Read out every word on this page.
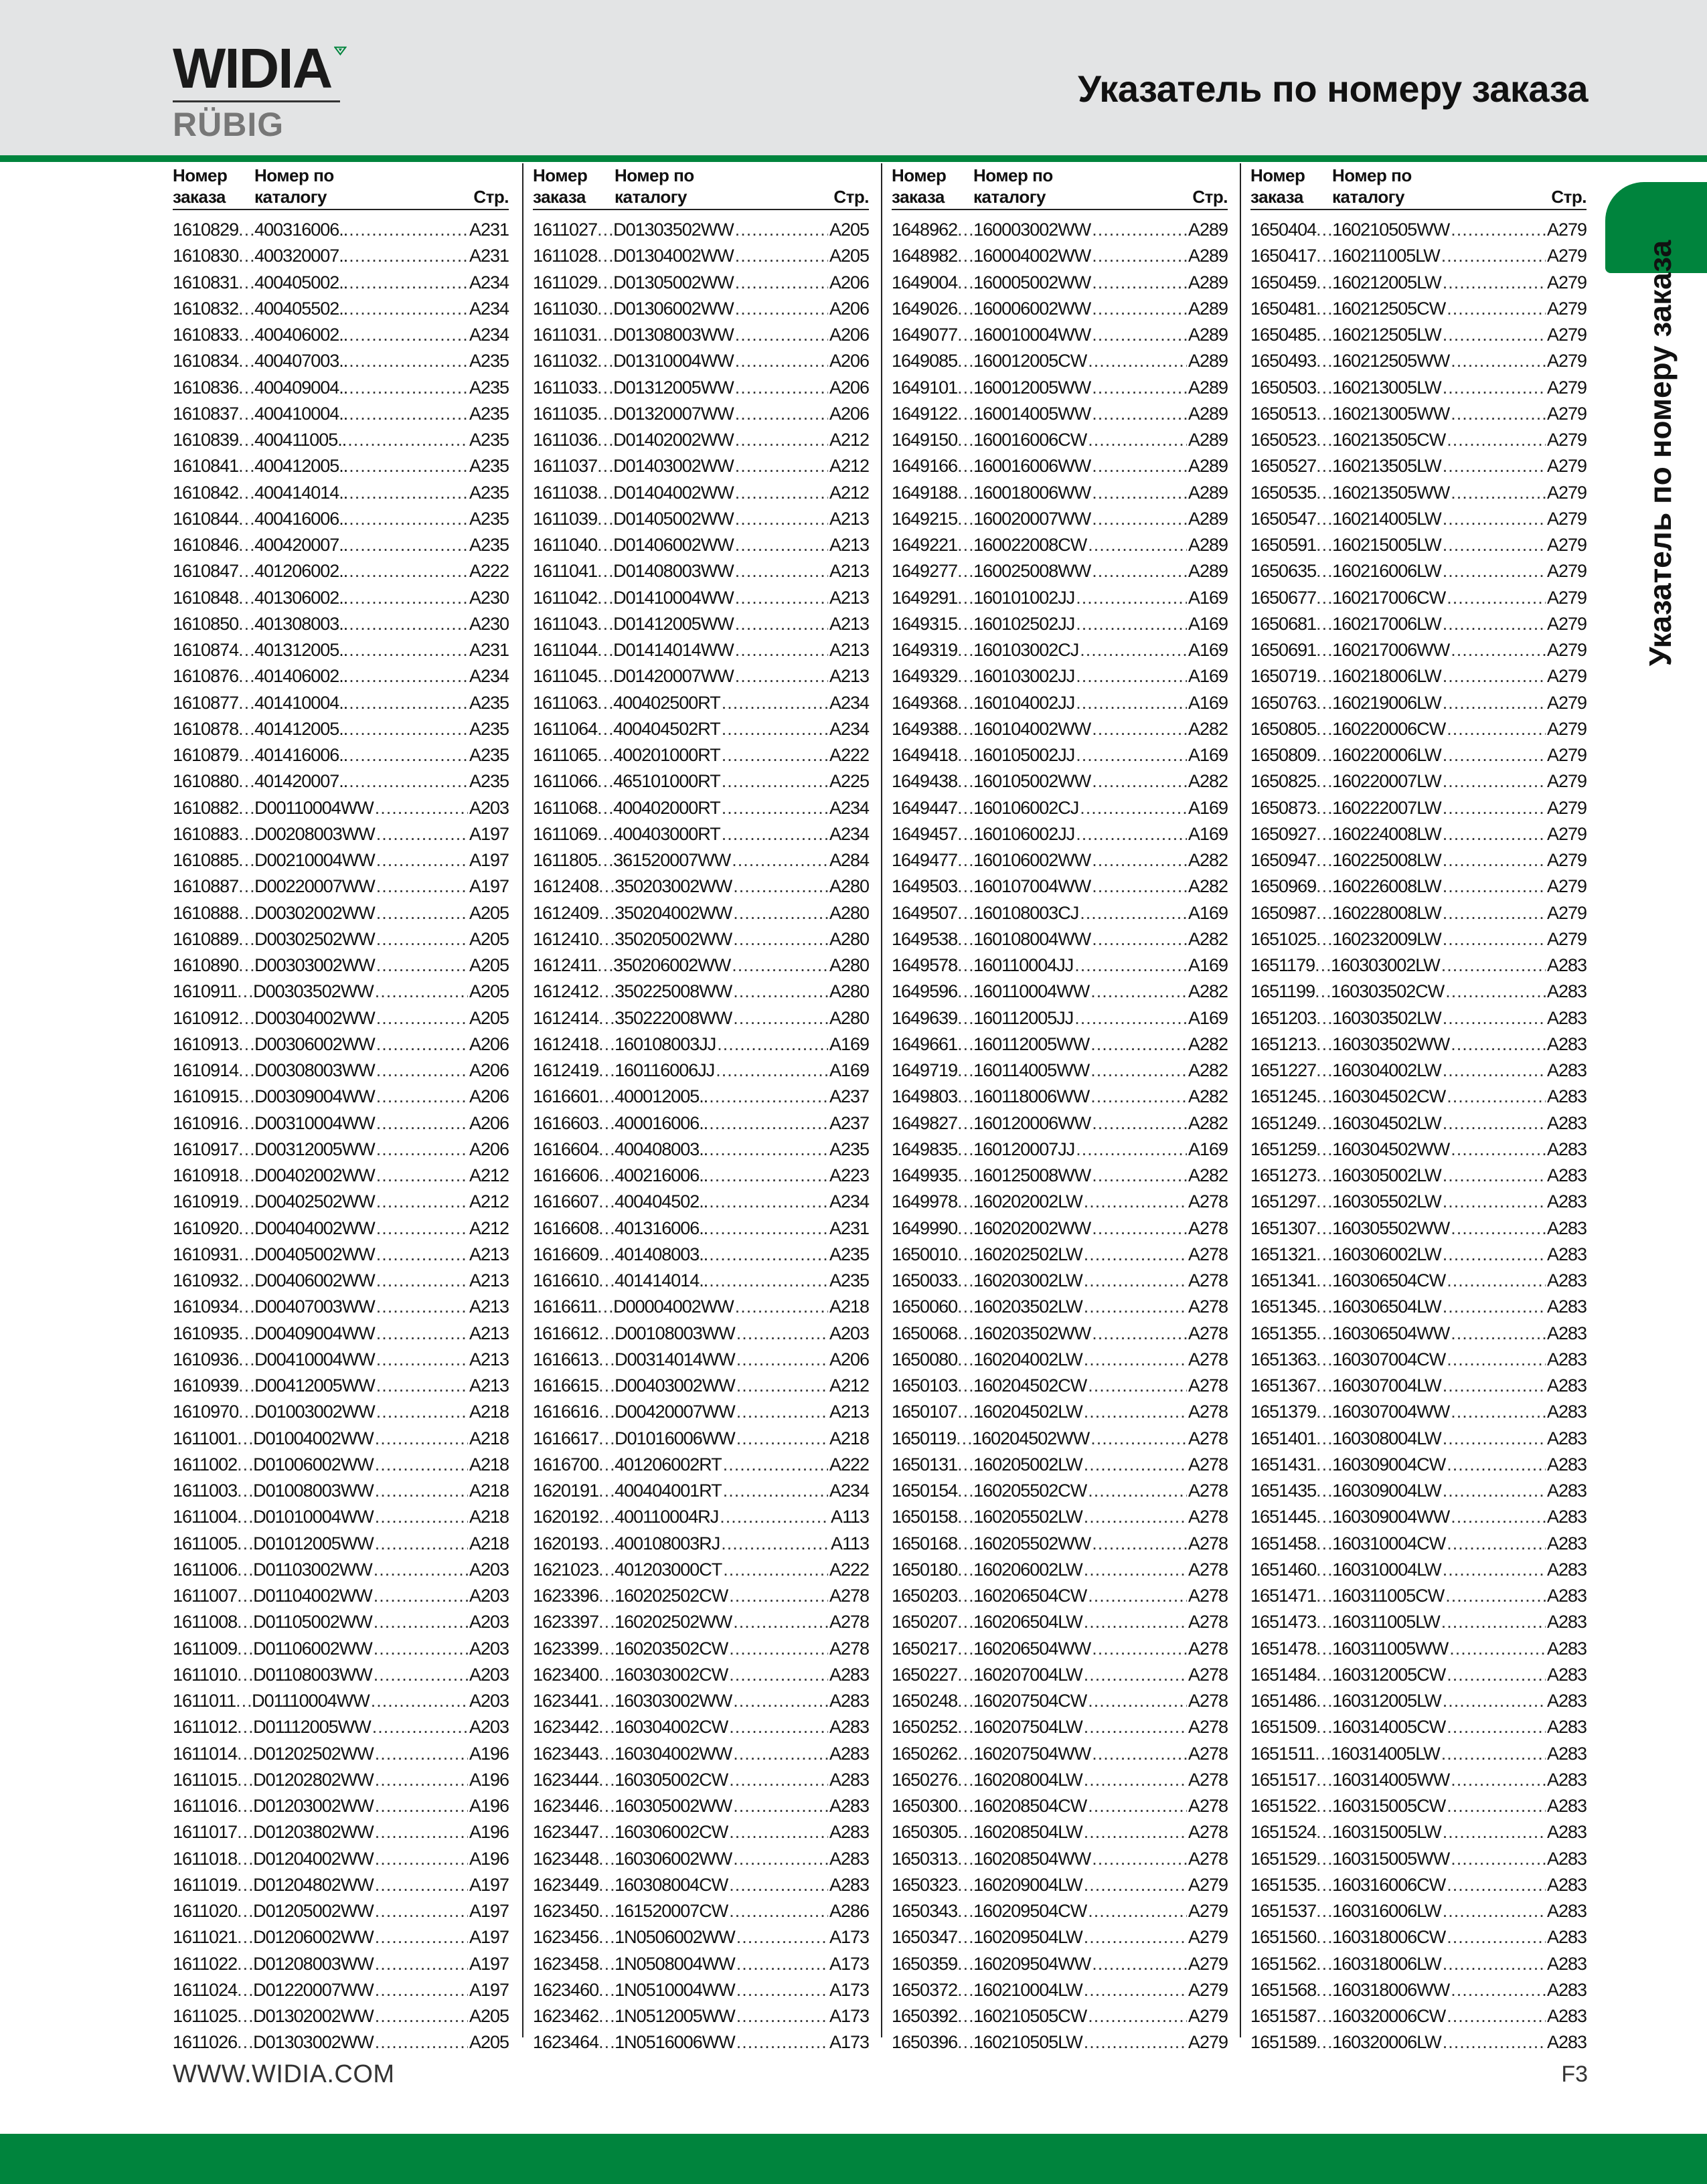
WIDIA
RÜBIG
Указатель по номеру заказа
Указатель по номеру заказа
Номер
заказа
Номер по
каталогу	Стр.
1610829
..... 400316006..
.....	A231
1610830
..... 400320007..
.....	A231
1610831
..... 400405002..
.....	A234
1610832
..... 400405502..
.....	A234
1610833
..... 400406002..
.....	A234
1610834
..... 400407003..
.....	A235
1610836
..... 400409004..
.....	A235
1610837
..... 400410004..
.....	A235
1610839
..... 400411005..
.....	A235
1610841
..... 400412005..
.....	A235
1610842
..... 400414014..
.....	A235
1610844
..... 400416006..
.....	A235
1610846
..... 400420007..
.....	A235
1610847
..... 401206002..
.....	A222
1610848
..... 401306002..
.....	A230
1610850
..... 401308003..
.....	A230
1610874
..... 401312005..
.....	A231
1610876
..... 401406002..
.....	A234
1610877
..... 401410004..
.....	A235
1610878
..... 401412005..
.....	A235
1610879
..... 401416006..
.....	A235
1610880
..... 401420007..
.....	A235
1610882
..... D00110004WW
.....	A203
1610883
..... D00208003WW
.....	A197
1610885
..... D00210004WW
.....	A197
1610887
..... D00220007WW
.....	A197
1610888
..... D00302002WW
.....	A205
1610889
..... D00302502WW
.....	A205
1610890
..... D00303002WW
.....	A205
1610911
..... D00303502WW
.....	A205
1610912
..... D00304002WW
.....	A205
1610913
..... D00306002WW
.....	A206
1610914
..... D00308003WW
.....	A206
1610915
..... D00309004WW
.....	A206
1610916
..... D00310004WW
.....	A206
1610917
..... D00312005WW
.....	A206
1610918
..... D00402002WW
.....	A212
1610919
..... D00402502WW
.....	A212
1610920
..... D00404002WW
.....	A212
1610931
..... D00405002WW
.....	A213
1610932
..... D00406002WW
.....	A213
1610934
..... D00407003WW
.....	A213
1610935
..... D00409004WW
.....	A213
1610936
..... D00410004WW
.....	A213
1610939
..... D00412005WW
.....	A213
1610970
..... D01003002WW
.....	A218
1611001
..... D01004002WW
.....	A218
1611002
..... D01006002WW
.....	A218
1611003
..... D01008003WW
.....	A218
1611004
..... D01010004WW
.....	A218
1611005
..... D01012005WW
.....	A218
1611006
..... D01103002WW
.....	A203
1611007
..... D01104002WW
.....	A203
1611008
..... D01105002WW
.....	A203
1611009
..... D01106002WW
.....	A203
1611010
..... D01108003WW
.....	A203
1611011
..... D01110004WW
.....	A203
1611012
..... D01112005WW
.....	A203
1611014
..... D01202502WW
.....	A196
1611015
..... D01202802WW
.....	A196
1611016
..... D01203002WW
.....	A196
1611017
..... D01203802WW
.....	A196
1611018
..... D01204002WW
.....	A196
1611019
..... D01204802WW
.....	A197
1611020
..... D01205002WW
.....	A197
1611021
..... D01206002WW
.....	A197
1611022
..... D01208003WW
.....	A197
1611024
..... D01220007WW
.....	A197
1611025
..... D01302002WW
.....	A205
1611026
..... D01303002WW
.....	A205
Номер
заказа
Номер по
каталогу	Стр.
1611027
..... D01303502WW
.....	A205
1611028
..... D01304002WW
.....	A205
1611029
..... D01305002WW
.....	A206
1611030
..... D01306002WW
.....	A206
1611031
..... D01308003WW
.....	A206
1611032
..... D01310004WW
.....	A206
1611033
..... D01312005WW
.....	A206
1611035
..... D01320007WW
.....	A206
1611036
..... D01402002WW
.....	A212
1611037
..... D01403002WW
.....	A212
1611038
..... D01404002WW
.....	A212
1611039
..... D01405002WW
.....	A213
1611040
..... D01406002WW
.....	A213
1611041
..... D01408003WW
.....	A213
1611042
..... D01410004WW
.....	A213
1611043
..... D01412005WW
.....	A213
1611044
..... D01414014WW
.....	A213
1611045
..... D01420007WW
.....	A213
1611063
..... 400402500RT
.....	A234
1611064
..... 400404502RT
.....	A234
1611065
..... 400201000RT
.....	A222
1611066
..... 465101000RT
.....	A225
1611068
..... 400402000RT
.....	A234
1611069
..... 400403000RT
.....	A234
1611805
..... 361520007WW
.....	A284
1612408
..... 350203002WW
.....	A280
1612409
..... 350204002WW
.....	A280
1612410
..... 350205002WW
.....	A280
1612411
..... 350206002WW
.....	A280
1612412
..... 350225008WW
.....	A280
1612414
..... 350222008WW
.....	A280
1612418
..... 160108003JJ
.....	A169
1612419
..... 160116006JJ
.....	A169
1616601
..... 400012005..
.....	A237
1616603
..... 400016006..
.....	A237
1616604
..... 400408003..
.....	A235
1616606
..... 400216006..
.....	A223
1616607
..... 400404502..
.....	A234
1616608
..... 401316006..
.....	A231
1616609
..... 401408003..
.....	A235
1616610
..... 401414014..
.....	A235
1616611
..... D00004002WW
.....	A218
1616612
..... D00108003WW
.....	A203
1616613
..... D00314014WW
.....	A206
1616615
..... D00403002WW
.....	A212
1616616
..... D00420007WW
.....	A213
1616617
..... D01016006WW
.....	A218
1616700
..... 401206002RT
.....	A222
1620191
..... 400404001RT
.....	A234
1620192
..... 400110004RJ
.....	A113
1620193
..... 400108003RJ
.....	A113
1621023
..... 401203000CT
.....	A222
1623396
..... 160202502CW
.....	A278
1623397
..... 160202502WW
.....	A278
1623399
..... 160203502CW
.....	A278
1623400
..... 160303002CW
.....	A283
1623441
..... 160303002WW
.....	A283
1623442
..... 160304002CW
.....	A283
1623443
..... 160304002WW
.....	A283
1623444
..... 160305002CW
.....	A283
1623446
..... 160305002WW
.....	A283
1623447
..... 160306002CW
.....	A283
1623448
..... 160306002WW
.....	A283
1623449
..... 160308004CW
.....	A283
1623450
..... 161520007CW
.....	A286
1623456
..... 1N0506002WW
.....	A173
1623458
..... 1N0508004WW
.....	A173
1623460
..... 1N0510004WW
.....	A173
1623462
..... 1N0512005WW
.....	A173
1623464
..... 1N0516006WW
.....	A173
Номер
заказа
Номер по
каталогу	Стр.
1648962
..... 160003002WW
.....	A289
1648982
..... 160004002WW
.....	A289
1649004
..... 160005002WW
.....	A289
1649026
..... 160006002WW
.....	A289
1649077
..... 160010004WW
.....	A289
1649085
..... 160012005CW
.....	A289
1649101
..... 160012005WW
.....	A289
1649122
..... 160014005WW
.....	A289
1649150
..... 160016006CW
.....	A289
1649166
..... 160016006WW
.....	A289
1649188
..... 160018006WW
.....	A289
1649215
..... 160020007WW
.....	A289
1649221
..... 160022008CW
.....	A289
1649277
..... 160025008WW
.....	A289
1649291
..... 160101002JJ
.....	A169
1649315
..... 160102502JJ
.....	A169
1649319
..... 160103002CJ
.....	A169
1649329
..... 160103002JJ
.....	A169
1649368
..... 160104002JJ
.....	A169
1649388
..... 160104002WW
.....	A282
1649418
..... 160105002JJ
.....	A169
1649438
..... 160105002WW
.....	A282
1649447
..... 160106002CJ
.....	A169
1649457
..... 160106002JJ
.....	A169
1649477
..... 160106002WW
.....	A282
1649503
..... 160107004WW
.....	A282
1649507
..... 160108003CJ
.....	A169
1649538
..... 160108004WW
.....	A282
1649578
..... 160110004JJ
.....	A169
1649596
..... 160110004WW
.....	A282
1649639
..... 160112005JJ
.....	A169
1649661
..... 160112005WW
.....	A282
1649719
..... 160114005WW
.....	A282
1649803
..... 160118006WW
.....	A282
1649827
..... 160120006WW
.....	A282
1649835
..... 160120007JJ
.....	A169
1649935
..... 160125008WW
.....	A282
1649978
..... 160202002LW
.....	A278
1649990
..... 160202002WW
.....	A278
1650010
..... 160202502LW
.....	A278
1650033
..... 160203002LW
.....	A278
1650060
..... 160203502LW
.....	A278
1650068
..... 160203502WW
.....	A278
1650080
..... 160204002LW
.....	A278
1650103
..... 160204502CW
.....	A278
1650107
..... 160204502LW
.....	A278
1650119
..... 160204502WW
.....	A278
1650131
..... 160205002LW
.....	A278
1650154
..... 160205502CW
.....	A278
1650158
..... 160205502LW
.....	A278
1650168
..... 160205502WW
.....	A278
1650180
..... 160206002LW
.....	A278
1650203
..... 160206504CW
.....	A278
1650207
..... 160206504LW
.....	A278
1650217
..... 160206504WW
.....	A278
1650227
..... 160207004LW
.....	A278
1650248
..... 160207504CW
.....	A278
1650252
..... 160207504LW
.....	A278
1650262
..... 160207504WW
.....	A278
1650276
..... 160208004LW
.....	A278
1650300
..... 160208504CW
.....	A278
1650305
..... 160208504LW
.....	A278
1650313
..... 160208504WW
.....	A278
1650323
..... 160209004LW
.....	A279
1650343
..... 160209504CW
.....	A279
1650347
..... 160209504LW
.....	A279
1650359
..... 160209504WW
.....	A279
1650372
..... 160210004LW
.....	A279
1650392
..... 160210505CW
.....	A279
1650396
..... 160210505LW
.....	A279
Номер
заказа
Номер по
каталогу	Стр.
1650404
..... 160210505WW
.....	A279
1650417
..... 160211005LW
.....	A279
1650459
..... 160212005LW
.....	A279
1650481
..... 160212505CW
.....	A279
1650485
..... 160212505LW
.....	A279
1650493
..... 160212505WW
.....	A279
1650503
..... 160213005LW
.....	A279
1650513
..... 160213005WW
.....	A279
1650523
..... 160213505CW
.....	A279
1650527
..... 160213505LW
.....	A279
1650535
..... 160213505WW
.....	A279
1650547
..... 160214005LW
.....	A279
1650591
..... 160215005LW
.....	A279
1650635
..... 160216006LW
.....	A279
1650677
..... 160217006CW
.....	A279
1650681
..... 160217006LW
.....	A279
1650691
..... 160217006WW
.....	A279
1650719
..... 160218006LW
.....	A279
1650763
..... 160219006LW
.....	A279
1650805
..... 160220006CW
.....	A279
1650809
..... 160220006LW
.....	A279
1650825
..... 160220007LW
.....	A279
1650873
..... 160222007LW
.....	A279
1650927
..... 160224008LW
.....	A279
1650947
..... 160225008LW
.....	A279
1650969
..... 160226008LW
.....	A279
1650987
..... 160228008LW
.....	A279
1651025
..... 160232009LW
.....	A279
1651179
..... 160303002LW
.....	A283
1651199
..... 160303502CW
.....	A283
1651203
..... 160303502LW
.....	A283
1651213
..... 160303502WW
.....	A283
1651227
..... 160304002LW
.....	A283
1651245
..... 160304502CW
.....	A283
1651249
..... 160304502LW
.....	A283
1651259
..... 160304502WW
.....	A283
1651273
..... 160305002LW
.....	A283
1651297
..... 160305502LW
.....	A283
1651307
..... 160305502WW
.....	A283
1651321
..... 160306002LW
.....	A283
1651341
..... 160306504CW
.....	A283
1651345
..... 160306504LW
.....	A283
1651355
..... 160306504WW
.....	A283
1651363
..... 160307004CW
.....	A283
1651367
..... 160307004LW
.....	A283
1651379
..... 160307004WW
.....	A283
1651401
..... 160308004LW
.....	A283
1651431
..... 160309004CW
.....	A283
1651435
..... 160309004LW
.....	A283
1651445
..... 160309004WW
.....	A283
1651458
..... 160310004CW
.....	A283
1651460
..... 160310004LW
.....	A283
1651471
..... 160311005CW
.....	A283
1651473
..... 160311005LW
.....	A283
1651478
..... 160311005WW
.....	A283
1651484
..... 160312005CW
.....	A283
1651486
..... 160312005LW
.....	A283
1651509
..... 160314005CW
.....	A283
1651511
..... 160314005LW
.....	A283
1651517
..... 160314005WW
.....	A283
1651522
..... 160315005CW
.....	A283
1651524
..... 160315005LW
.....	A283
1651529
..... 160315005WW
.....	A283
1651535
..... 160316006CW
.....	A283
1651537
..... 160316006LW
.....	A283
1651560
..... 160318006CW
.....	A283
1651562
..... 160318006LW
.....	A283
1651568
..... 160318006WW
.....	A283
1651587
..... 160320006CW
.....	A283
1651589
..... 160320006LW
.....	A283
WWW.WIDIA.COM	F3
